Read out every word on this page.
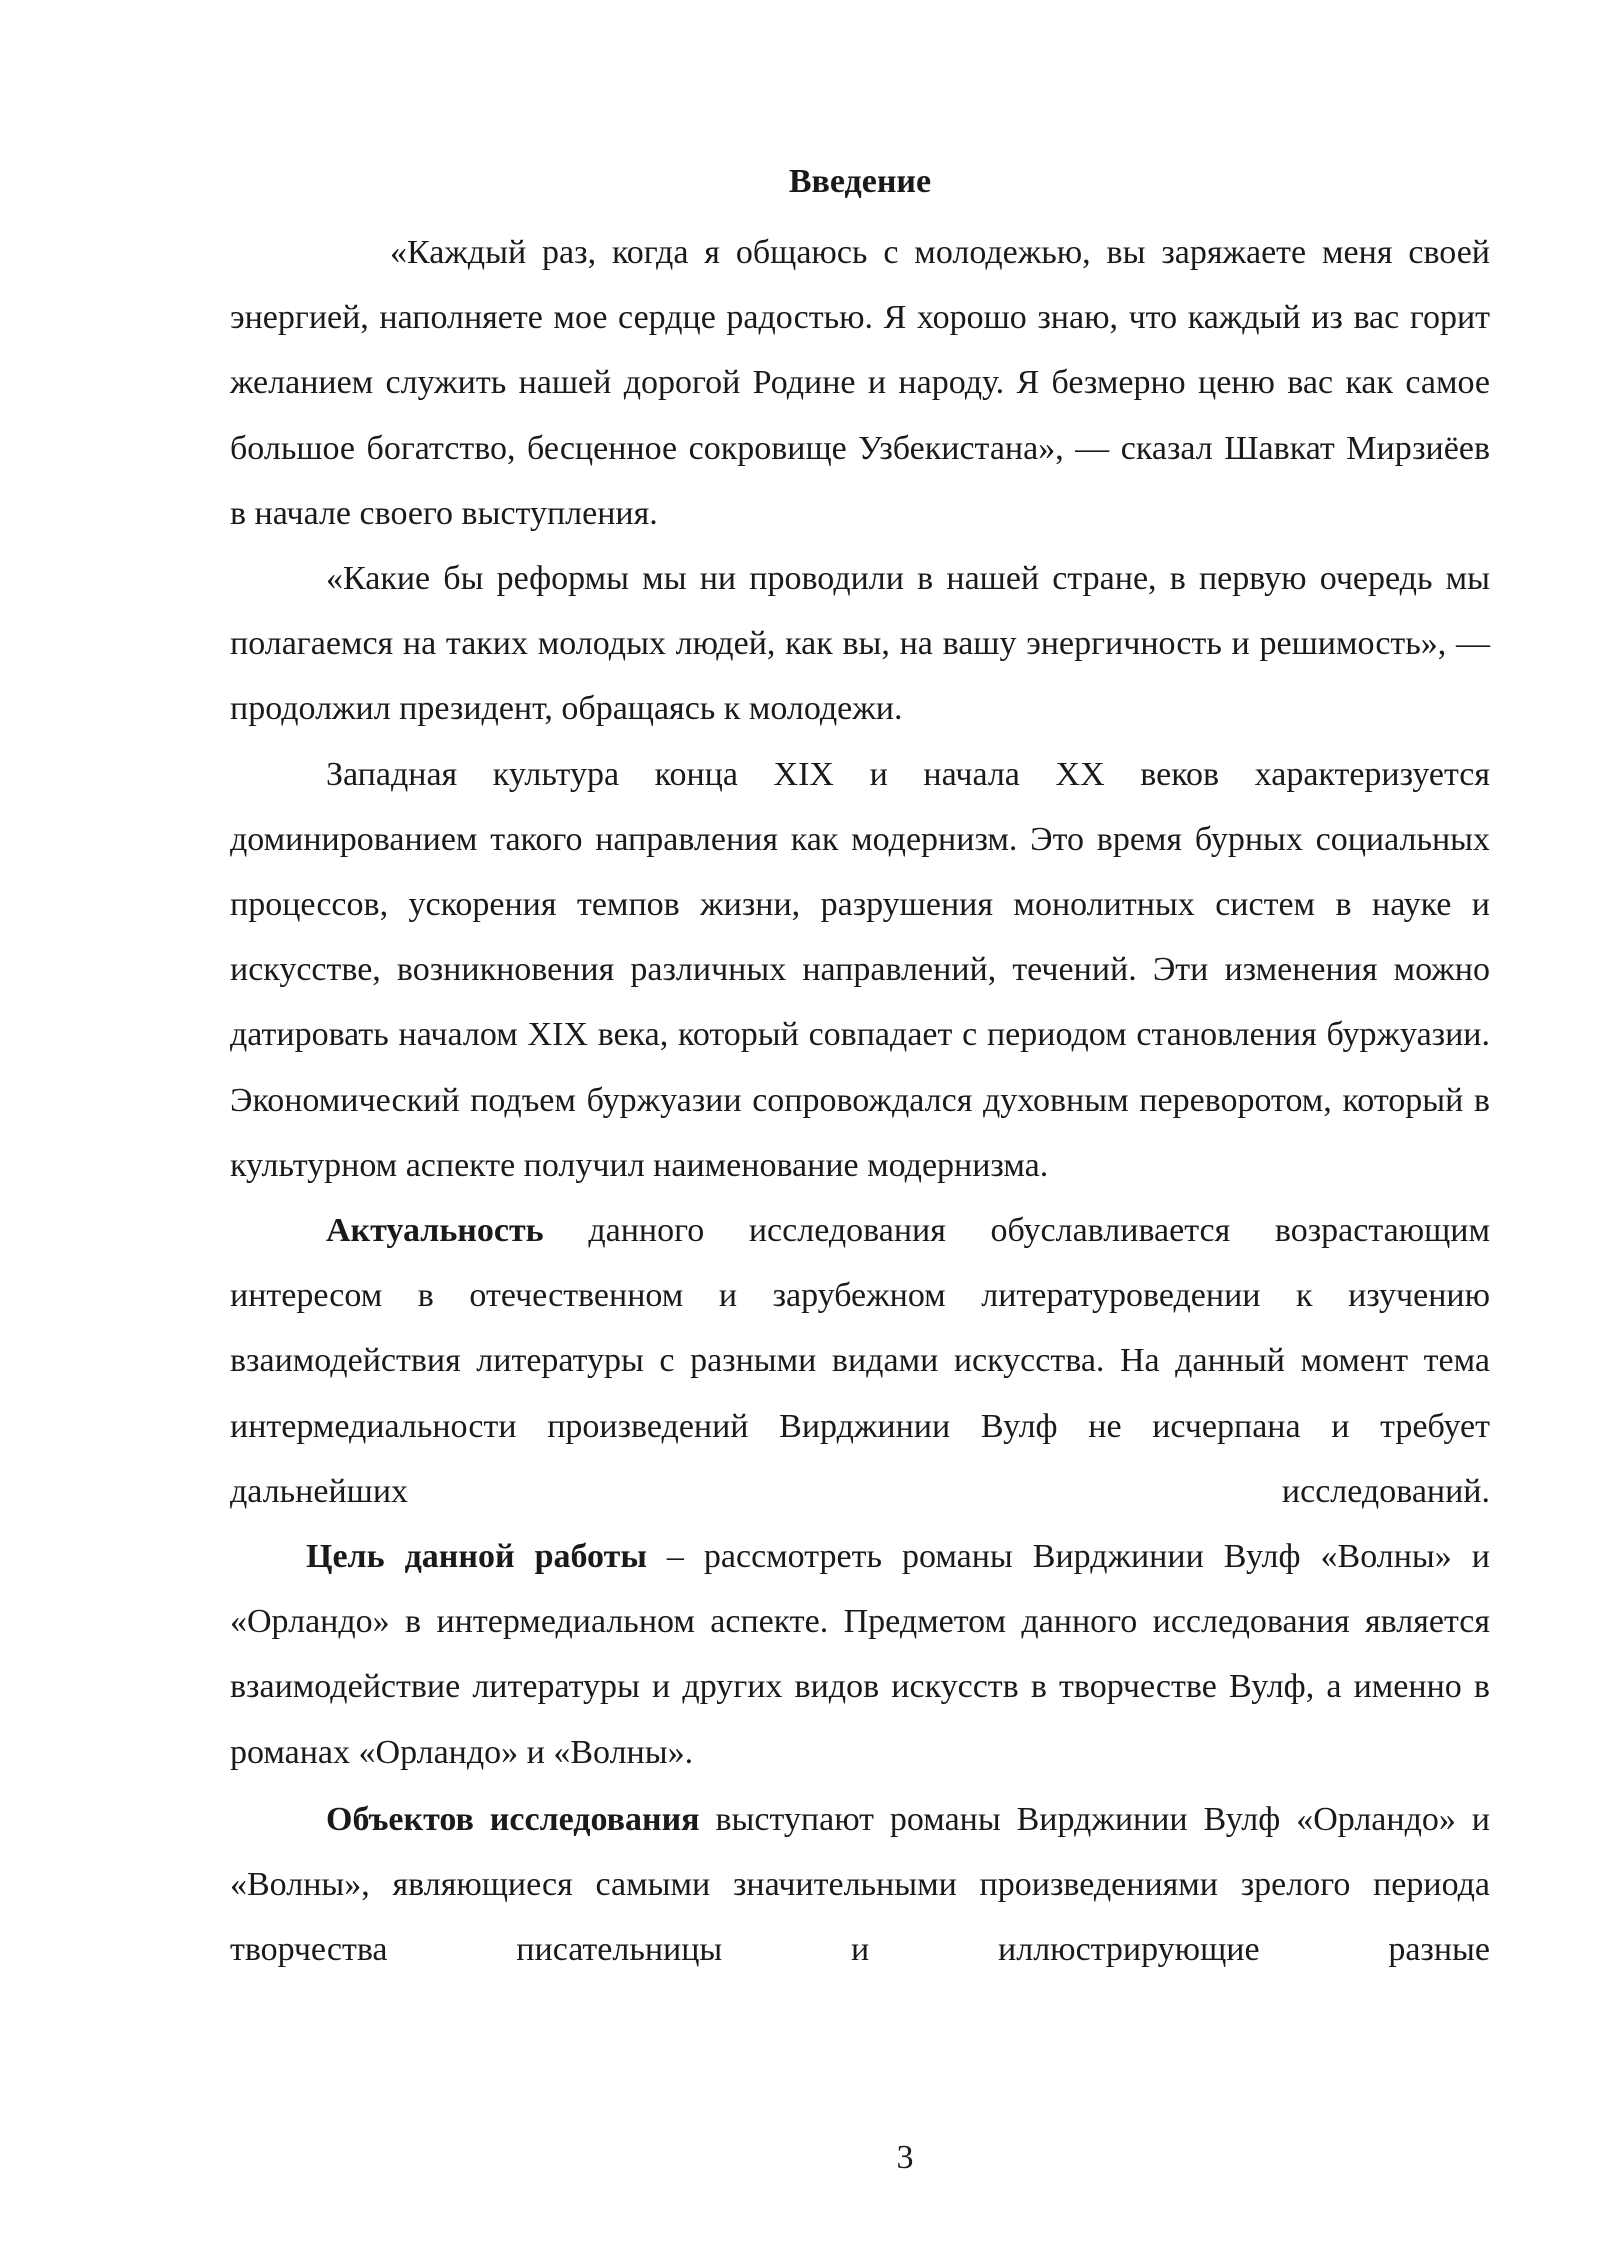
Введение

«Каждый раз, когда я общаюсь с молодежью, вы заряжаете меня своей энергией, наполняете мое сердце радостью. Я хорошо знаю, что каждый из вас горит желанием служить нашей дорогой Родине и народу. Я безмерно ценю вас как самое большое богатство, бесценное сокровище Узбекистана», — сказал Шавкат Мирзиёев в начале своего выступления.

«Какие бы реформы мы ни проводили в нашей стране, в первую очередь мы полагаемся на таких молодых людей, как вы, на вашу энергичность и решимость», — продолжил президент, обращаясь к молодежи.

Западная культура конца XIX и начала XX веков характеризуется доминированием такого направления как модернизм. Это время бурных социальных процессов, ускорения темпов жизни, разрушения монолитных систем в науке и искусстве, возникновения различных направлений, течений. Эти изменения можно датировать началом XIX века, который совпадает с периодом становления буржуазии. Экономический подъем буржуазии сопровождался духовным переворотом, который в культурном аспекте получил наименование модернизма.

Актуальность данного исследования обуславливается возрастающим интересом в отечественном и зарубежном литературоведении к изучению взаимодействия литературы с разными видами искусства. На данный момент тема интермедиальности произведений Вирджинии Вулф не исчерпана и требует дальнейших исследований.

Цель данной работы – рассмотреть романы Вирджинии Вулф «Волны» и «Орландо» в интермедиальном аспекте. Предметом данного исследования является взаимодействие литературы и других видов искусств в творчестве Вулф, а именно в романах «Орландо» и «Волны».

Объектов исследования выступают романы Вирджинии Вулф «Орландо» и «Волны», являющиеся самыми значительными произведениями зрелого периода творчества писательницы и иллюстрирующие разные

3
